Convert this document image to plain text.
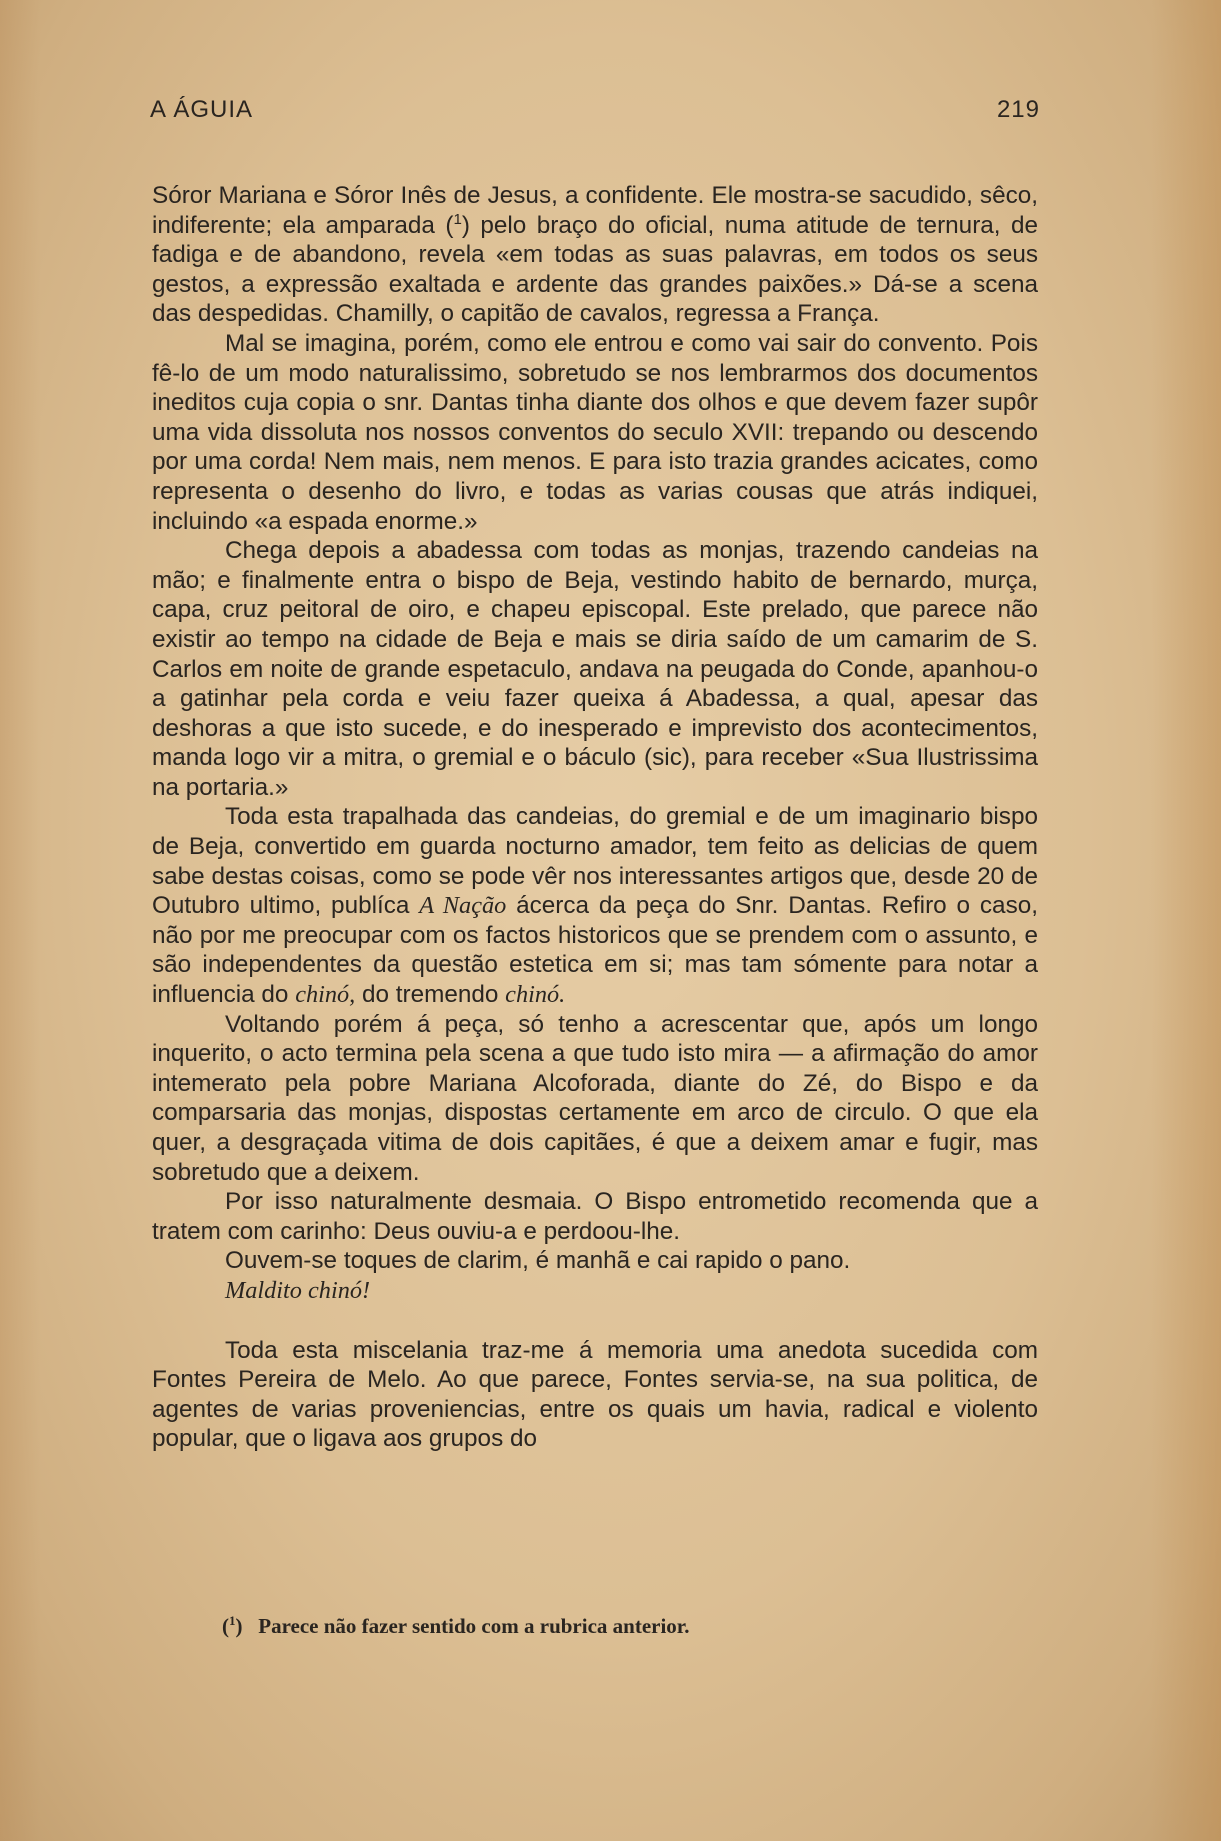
A ÁGUIA	219

Sóror Mariana e Sóror Inês de Jesus, a confidente. Ele mostra-se sacudido, sêco, indiferente; ela amparada ($^1$) pelo braço do oficial, numa atitude de ternura, de fadiga e de abandono, revela «em todas as suas palavras, em todos os seus gestos, a expressão exaltada e ardente das grandes paixões.» Dá-se a scena das despedidas. Chamilly, o capitão de cavalos, regressa a França.

Mal se imagina, porém, como ele entrou e como vai sair do convento. Pois fê-lo de um modo naturalissimo, sobretudo se nos lembrarmos dos documentos ineditos cuja copia o snr. Dantas tinha diante dos olhos e que devem fazer supôr uma vida dissoluta nos nossos conventos do seculo XVII: trepando ou descendo por uma corda! Nem mais, nem menos. E para isto trazia grandes acicates, como representa o desenho do livro, e todas as varias cousas que atrás indiquei, incluindo «a espada enorme.»

Chega depois a abadessa com todas as monjas, trazendo candeias na mão; e finalmente entra o bispo de Beja, vestindo habito de bernardo, murça, capa, cruz peitoral de oiro, e chapeu episcopal. Este prelado, que parece não existir ao tempo na cidade de Beja e mais se diria saído de um camarim de S. Carlos em noite de grande espetaculo, andava na peugada do Conde, apanhou-o a gatinhar pela corda e veiu fazer queixa á Abadessa, a qual, apesar das deshoras a que isto sucede, e do inesperado e imprevisto dos acontecimentos, manda logo vir a mitra, o gremial e o báculo (sic), para receber «Sua Ilustrissima na portaria.»

Toda esta trapalhada das candeias, do gremial e de um imaginario bispo de Beja, convertido em guarda nocturno amador, tem feito as delicias de quem sabe destas coisas, como se pode vêr nos interessantes artigos que, desde 20 de Outubro ultimo, publíca A Nação ácerca da peça do Snr. Dantas. Refiro o caso, não por me preocupar com os factos historicos que se prendem com o assunto, e são independentes da questão estetica em si; mas tam sómente para notar a influencia do chinó, do tremendo chinó.

Voltando porém á peça, só tenho a acrescentar que, após um longo inquerito, o acto termina pela scena a que tudo isto mira — a afirmação do amor intemerato pela pobre Mariana Alcoforada, diante do Zé, do Bispo e da comparsaria das monjas, dispostas certamente em arco de circulo. O que ela quer, a desgraçada vitima de dois capitães, é que a deixem amar e fugir, mas sobretudo que a deixem.

Por isso naturalmente desmaia. O Bispo entrometido recomenda que a tratem com carinho: Deus ouviu-a e perdoou-lhe.

Ouvem-se toques de clarim, é manhã e cai rapido o pano.

Maldito chinó!

Toda esta miscelania traz-me á memoria uma anedota sucedida com Fontes Pereira de Melo. Ao que parece, Fontes servia-se, na sua politica, de agentes de varias proveniencias, entre os quais um havia, radical e violento popular, que o ligava aos grupos do

($^1$)   Parece não fazer sentido com a rubrica anterior.
